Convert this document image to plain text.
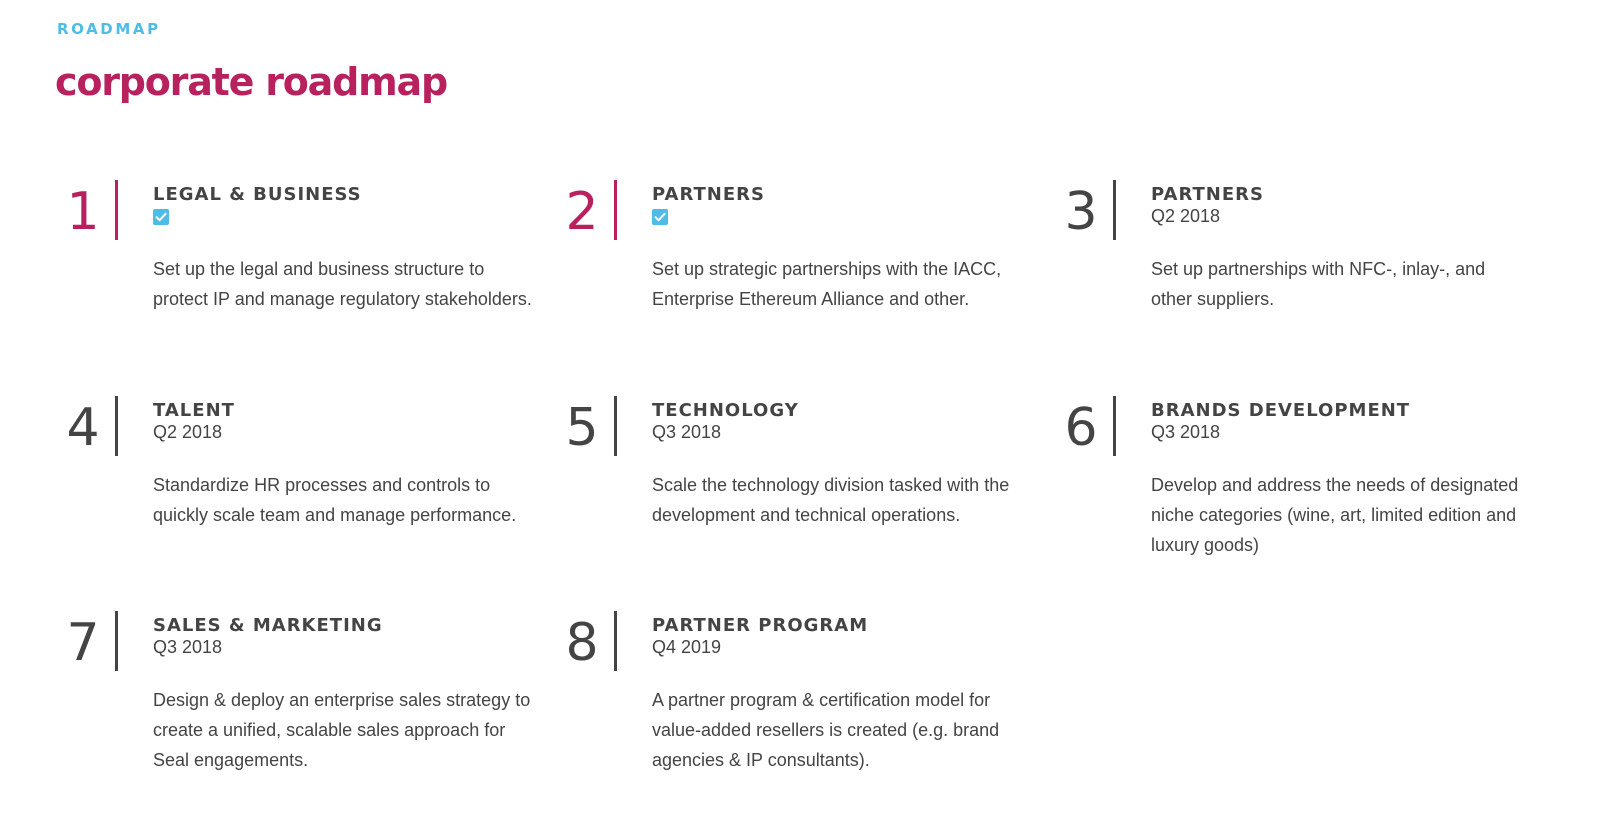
ROADMAP
corporate roadmap
1	LEGAL & BUSINESS
Set up the legal and business structure to protect IP and manage regulatory stakeholders.
2	PARTNERS
Set up strategic partnerships with the IACC, Enterprise Ethereum Alliance and other.
3	PARTNERS
Q2 2018
Set up partnerships with NFC-, inlay-, and other suppliers.
4	TALENT
Q2 2018
Standardize HR processes and controls to quickly scale team and manage performance.
5	TECHNOLOGY
Q3 2018
Scale the technology division tasked with the development and technical operations.
6	BRANDS DEVELOPMENT
Q3 2018
Develop and address the needs of designated niche categories (wine, art, limited edition and luxury goods)
7	SALES & MARKETING
Q3 2018
Design & deploy an enterprise sales strategy to create a unified, scalable sales approach for Seal engagements.
8	PARTNER PROGRAM
Q4 2019
A partner program & certification model for value-added resellers is created (e.g. brand agencies & IP consultants).
